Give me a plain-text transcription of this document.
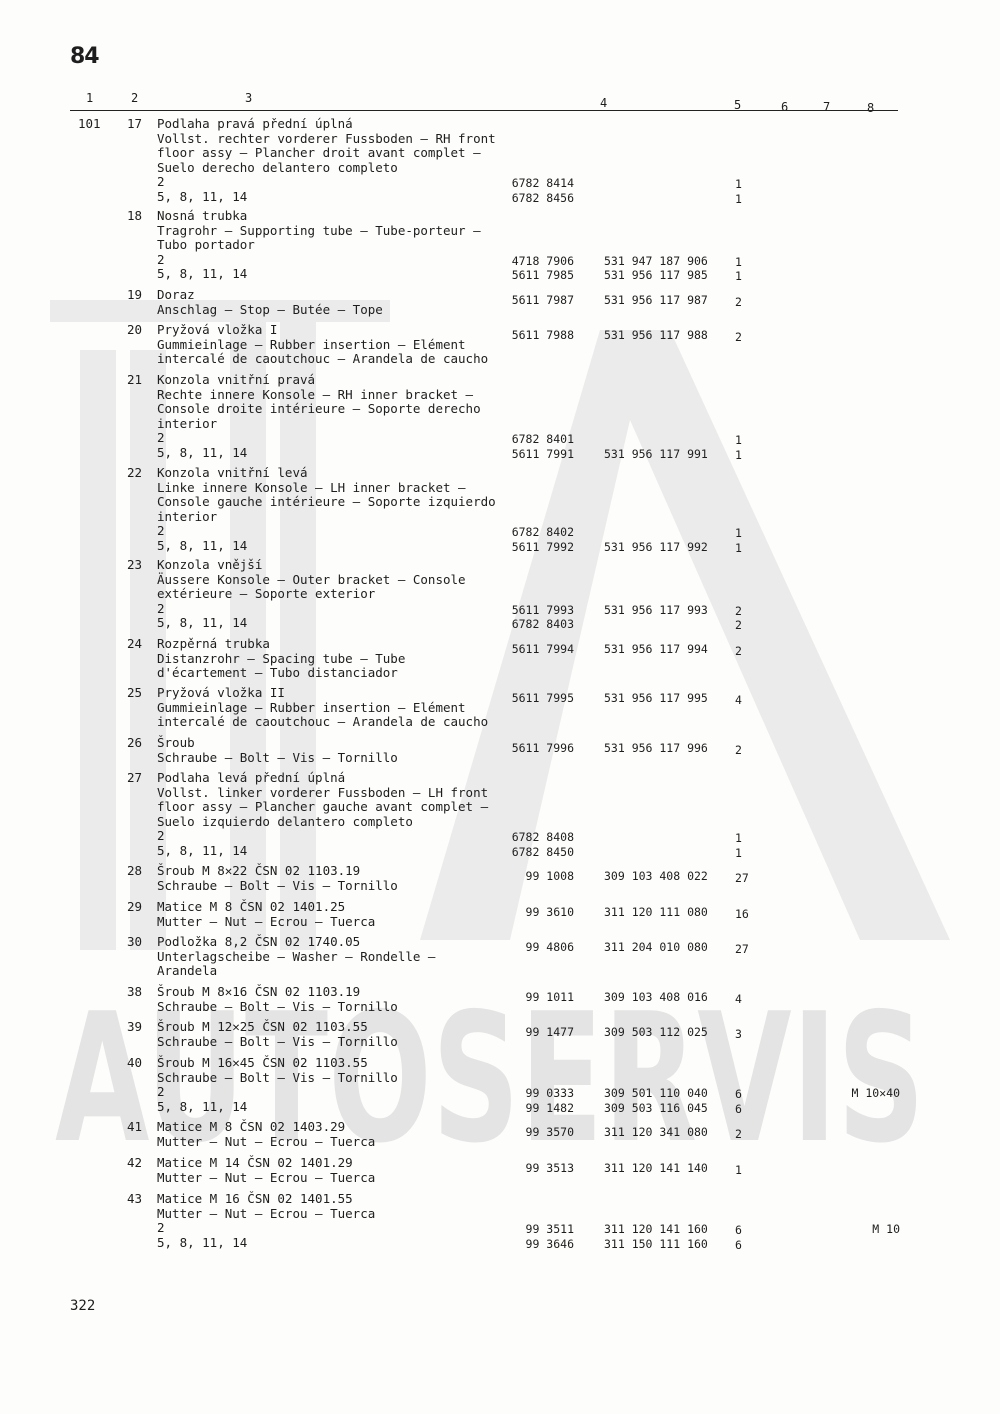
AUTOSERVIS
84
1	2	3	4	5	6	7	8
101 17 Podlaha pravá přední úplná
Vollst. rechter vorderer Fussboden — RH front
floor assy — Plancher droit avant complet —
Suelo derecho delantero completo
2	6782 8414	1
5, 8, 11, 14	6782 8456	1
18 Nosná trubka
Tragrohr — Supporting tube — Tube-porteur —
Tubo portador
2	4718 7906	531 947 187 906 1
5, 8, 11, 14	5611 7985	531 956 117 985 1
19 Doraz
Anschlag — Stop — Butée — Tope
5611 7987	531 956 117 987 2
20 Pryžová vložka I
Gummieinlage — Rubber insertion — Elément
intercalé de caoutchouc — Arandela de caucho
5611 7988	531 956 117 988 2
21 Konzola vnitřní pravá
Rechte innere Konsole — RH inner bracket —
Console droite intérieure — Soporte derecho
interior
2	6782 8401	1
5, 8, 11, 14	5611 7991	531 956 117 991 1
22 Konzola vnitřní levá
Linke innere Konsole — LH inner bracket —
Console gauche intérieure — Soporte izquierdo
interior
2	6782 8402	1
5, 8, 11, 14	5611 7992	531 956 117 992 1
23 Konzola vnější
Äussere Konsole — Outer bracket — Console
extérieure — Soporte exterior
2	5611 7993	531 956 117 993 2
5, 8, 11, 14	6782 8403	2
24 Rozpěrná trubka
Distanzrohr — Spacing tube — Tube
d'écartement — Tubo distanciador
5611 7994	531 956 117 994 2
25 Pryžová vložka II
Gummieinlage — Rubber insertion — Elément
intercalé de caoutchouc — Arandela de caucho
5611 7995	531 956 117 995 4
26 Šroub
Schraube — Bolt — Vis — Tornillo
5611 7996	531 956 117 996 2
27 Podlaha levá přední úplná
Vollst. linker vorderer Fussboden — LH front
floor assy — Plancher gauche avant complet —
Suelo izquierdo delantero completo
2	6782 8408	1
5, 8, 11, 14	6782 8450	1
28 Šroub M 8✕22 ČSN 02 1103.19
Schraube — Bolt — Vis — Tornillo
99 1008	309 103 408 022 27
29 Matice M 8 ČSN 02 1401.25
Mutter — Nut — Ecrou — Tuerca
99 3610	311 120 111 080 16
30 Podložka 8,2 ČSN 02 1740.05
Unterlagscheibe — Washer — Rondelle —
Arandela
99 4806	311 204 010 080 27
38 Šroub M 8✕16 ČSN 02 1103.19
Schraube — Bolt — Vis — Tornillo
99 1011	309 103 408 016 4
39 Šroub M 12✕25 ČSN 02 1103.55
Schraube — Bolt — Vis — Tornillo
99 1477	309 503 112 025 3
40 Šroub M 16✕45 ČSN 02 1103.55
Schraube — Bolt — Vis — Tornillo
2	99 0333	309 501 110 040 6	M 10✕40
5, 8, 11, 14	99 1482	309 503 116 045 6
41 Matice M 8 ČSN 02 1403.29
Mutter — Nut — Ecrou — Tuerca
99 3570	311 120 341 080 2
42 Matice M 14 ČSN 02 1401.29
Mutter — Nut — Ecrou — Tuerca
99 3513	311 120 141 140 1
43 Matice M 16 ČSN 02 1401.55
Mutter — Nut — Ecrou — Tuerca
2	99 3511	311 120 141 160 6	M 10
5, 8, 11, 14	99 3646	311 150 111 160 6
322
